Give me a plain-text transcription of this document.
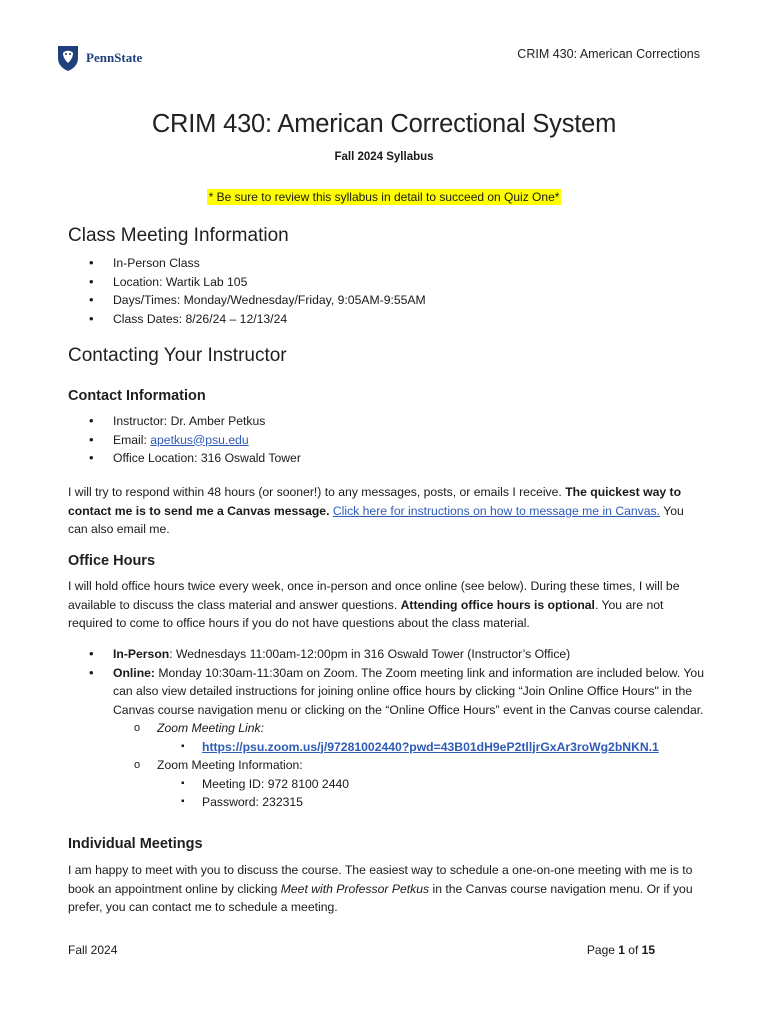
PennState	CRIM 430: American Corrections
CRIM 430: American Correctional System
Fall 2024 Syllabus
* Be sure to review this syllabus in detail to succeed on Quiz One*
Class Meeting Information
• In-Person Class
• Location: Wartik Lab 105
• Days/Times: Monday/Wednesday/Friday, 9:05AM-9:55AM
• Class Dates: 8/26/24 – 12/13/24
Contacting Your Instructor
Contact Information
• Instructor: Dr. Amber Petkus
• Email: apetkus@psu.edu
• Office Location: 316 Oswald Tower

I will try to respond within 48 hours (or sooner!) to any messages, posts, or emails I receive. The quickest way to contact me is to send me a Canvas message. Click here for instructions on how to message me in Canvas. You can also email me.

Office Hours

I will hold office hours twice every week, once in-person and once online (see below). During these times, I will be available to discuss the class material and answer questions. Attending office hours is optional. You are not required to come to office hours if you do not have questions about the class material.

• In-Person: Wednesdays 11:00am-12:00pm in 316 Oswald Tower (Instructor’s Office)
• Online: Monday 10:30am-11:30am on Zoom. The Zoom meeting link and information are included below. You can also view detailed instructions for joining online office hours by clicking “Join Online Office Hours" in the Canvas course navigation menu or clicking on the “Online Office Hours” event in the Canvas course calendar.
o Zoom Meeting Link:
▪ https://psu.zoom.us/j/97281002440?pwd=43B01dH9eP2tlljrGxAr3roWg2bNKN.1
o Zoom Meeting Information:
▪ Meeting ID: 972 8100 2440
▪ Password: 232315
Individual Meetings

I am happy to meet with you to discuss the course. The easiest way to schedule a one-on-one meeting with me is to book an appointment online by clicking Meet with Professor Petkus in the Canvas course navigation menu. Or if you prefer, you can contact me to schedule a meeting.

Fall 2024	Page 1 of 15
